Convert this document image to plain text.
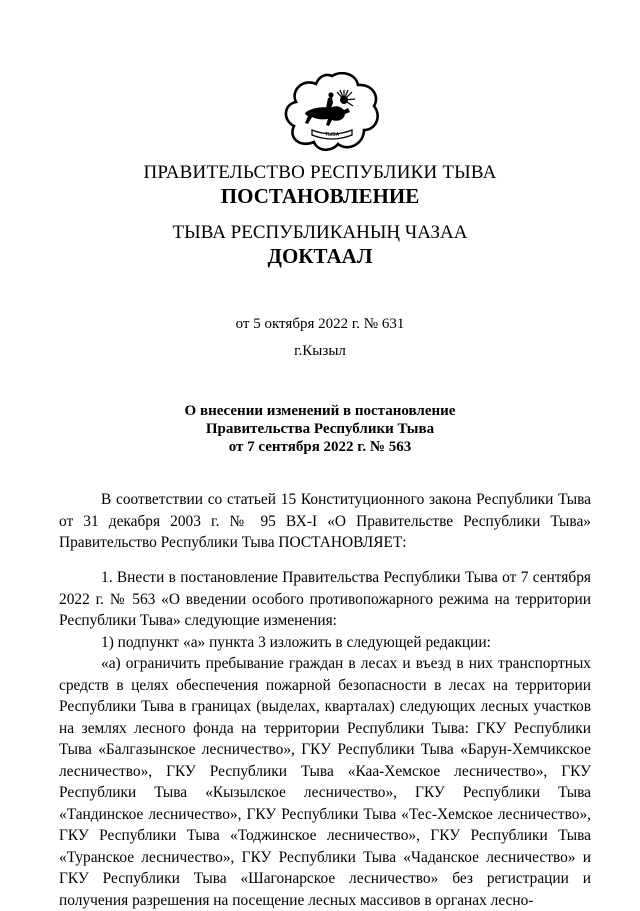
ТЫВА
ПРАВИТЕЛЬСТВО РЕСПУБЛИКИ ТЫВА
ПОСТАНОВЛЕНИЕ
ТЫВА РЕСПУБЛИКАНЫҢ ЧАЗАА
ДОКТААЛ
от 5 октября 2022 г. № 631
г.Кызыл
О внесении изменений в постановление
Правительства Республики Тыва
от 7 сентября 2022 г. № 563

В соответствии со статьей 15 Конституционного закона Республики Тыва от 31 декабря 2003 г. № 95 ВХ-I «О Правительстве Республики Тыва» Правительство Республики Тыва ПОСТАНОВЛЯЕТ:

1. Внести в постановление Правительства Республики Тыва от 7 сентября 2022 г. № 563 «О введении особого противопожарного режима на территории Республики Тыва» следующие изменения:

1) подпункт «а» пункта 3 изложить в следующей редакции:

«а) ограничить пребывание граждан в лесах и въезд в них транспортных средств в целях обеспечения пожарной безопасности в лесах на территории Республики Тыва в границах (выделах, кварталах) следующих лесных участков на землях лесного фонда на территории Республики Тыва: ГКУ Республики Тыва «Балгазынское лесничество», ГКУ Республики Тыва «Барун-Хемчикское лесничество», ГКУ Республики Тыва «Каа-Хемское лесничество», ГКУ Республики Тыва «Кызылское лесничество», ГКУ Республики Тыва «Тандинское лесничество», ГКУ Республики Тыва «Тес-Хемское лесничество», ГКУ Республики Тыва «Тоджинское лесничество», ГКУ Республики Тыва «Туранское лесничество», ГКУ Республики Тыва «Чаданское лесничество» и ГКУ Республики Тыва «Шагонарское лесничество» без регистрации и получения разрешения на посещение лесных массивов в органах лесно-
